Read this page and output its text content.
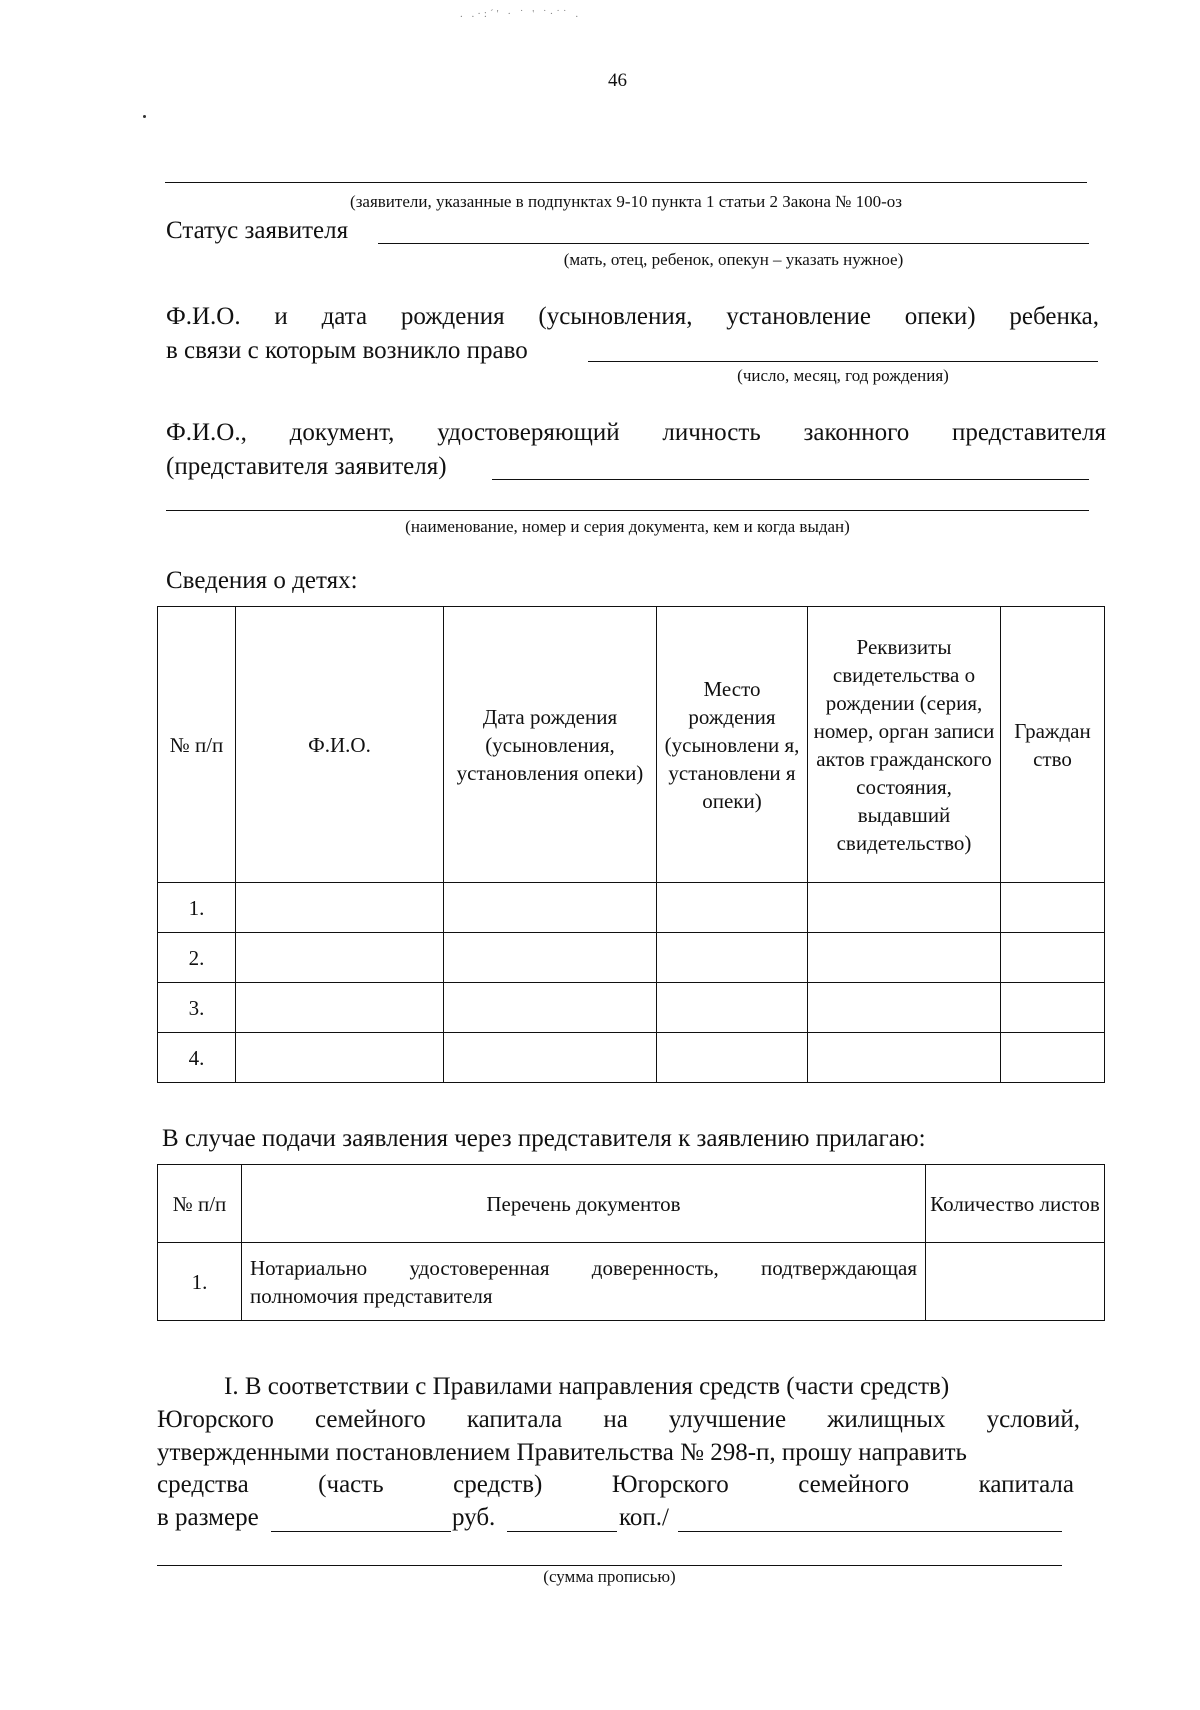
. .·:´' · ˙ ' ˙·˙˙ .
46
(заявители, указанные в подпунктах 9-10 пункта 1 статьи 2 Закона № 100-оз
Статус заявителя
(мать, отец, ребенок, опекун – указать нужное)
Ф.И.О. и дата рождения (усыновления, установление опеки) ребенка,
в связи с которым возникло право
(число, месяц, год рождения)
Ф.И.О., документ, удостоверяющий личность законного представителя
(представителя заявителя)
(наименование, номер и серия документа, кем и когда выдан)
Сведения о детях:
№ п/п	Ф.И.О.	Дата рождения (усыновления, установления опеки)	Место рождения (усыновлени я, установлени я опеки)	Реквизиты свидетельства о рождении (серия, номер, орган записи актов гражданского состояния, выдавший свидетельство)	Граждан ство
1.					
2.					
3.					
4.					
В случае подачи заявления через представителя к заявлению прилагаю:
№ п/п	Перечень документов	Количество листов
1.	Нотариально удостоверенная доверенность, подтверждающая полномочия представителя	
I. В соответствии с Правилами направления средств (части средств)
Югорского семейного капитала на улучшение жилищных условий,
утвержденными постановлением Правительства № 298-п, прошу направить
средства (часть средств) Югорского семейного капитала
в размере	руб.	коп./
(сумма прописью)
